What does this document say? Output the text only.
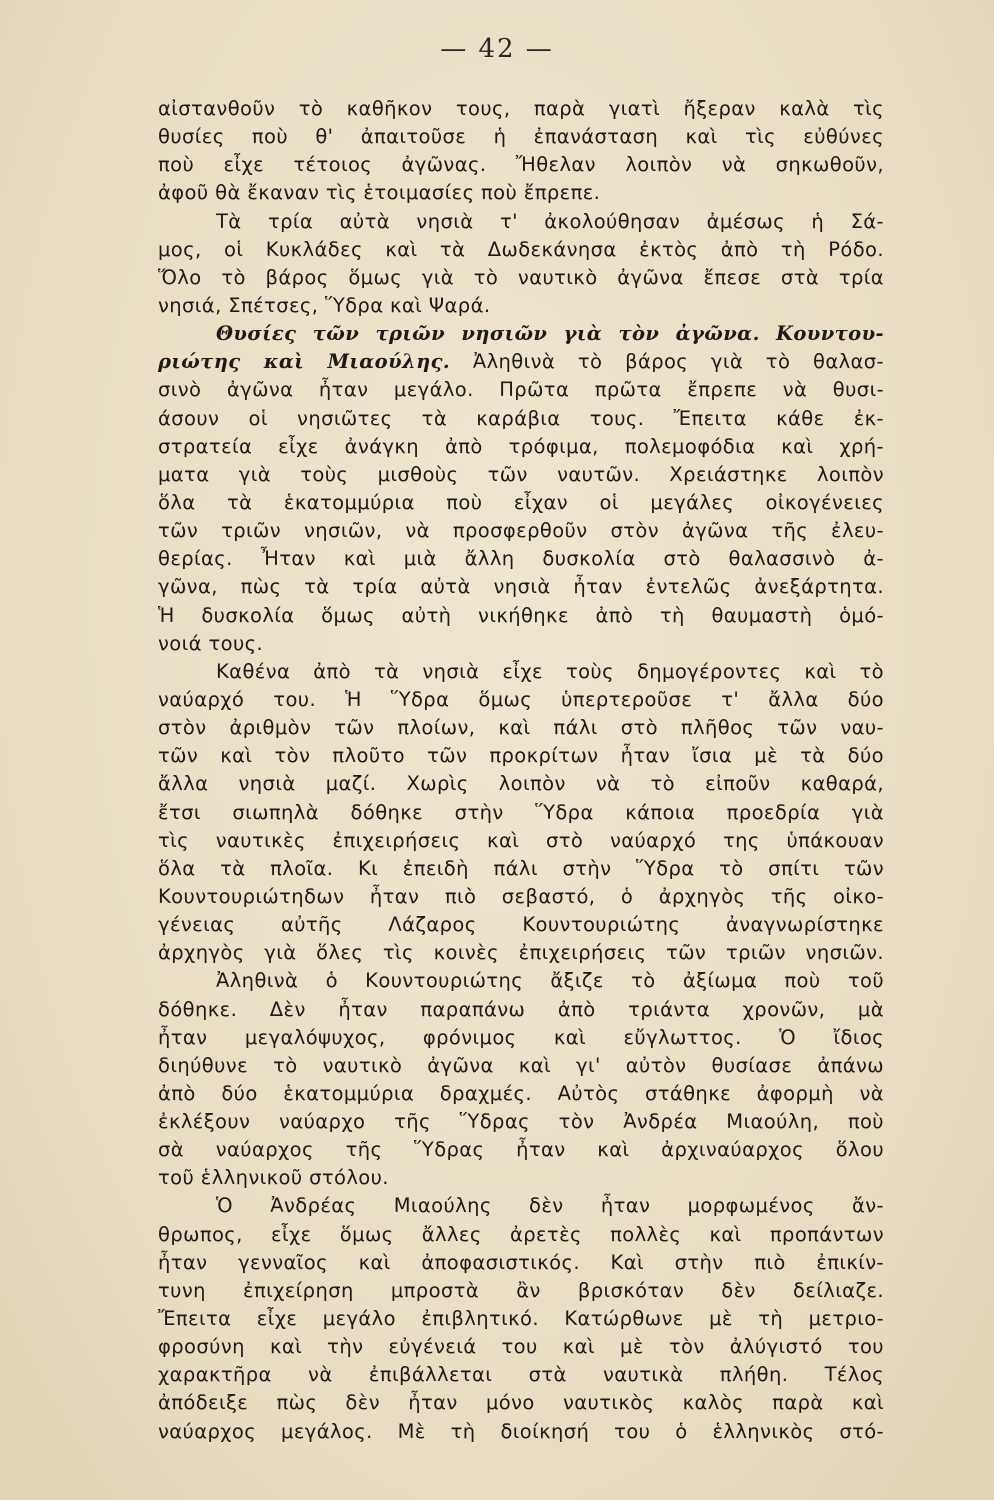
— 42 —
αἰστανθοῦν τὸ καθῆκον τους, παρὰ γιατὶ ἤξεραν καλὰ τὶς
θυσίες ποὺ θ' ἀπαιτοῦσε ἡ ἐπανάσταση καὶ τὶς εὐθύνες
ποὺ εἶχε τέτοιος ἀγῶνας. Ἤθελαν λοιπὸν νὰ σηκωθοῦν,
ἀφοῦ θὰ ἔκαναν τὶς ἑτοιμασίες ποὺ ἔπρεπε.
Τὰ τρία αὐτὰ νησιὰ τ' ἀκολούθησαν ἀμέσως ἡ Σά-
μος, οἱ Κυκλάδες καὶ τὰ Δωδεκάνησα ἐκτὸς ἀπὸ τὴ Ρόδο.
Ὅλο τὸ βάρος ὅμως γιὰ τὸ ναυτικὸ ἀγῶνα ἔπεσε στὰ τρία
νησιά, Σπέτσες, Ὕδρα καὶ Ψαρά.
Θυσίες τῶν τριῶν νησιῶν γιὰ τὸν ἀγῶνα. Κουντου-
ριώτης καὶ Μιαούλης. Ἀληθινὰ τὸ βάρος γιὰ τὸ θαλασ-
σινὸ ἀγῶνα ἦταν μεγάλο. Πρῶτα πρῶτα ἔπρεπε νὰ θυσι-
άσουν οἱ νησιῶτες τὰ καράβια τους. Ἔπειτα κάθε ἐκ-
στρατεία εἶχε ἀνάγκη ἀπὸ τρόφιμα, πολεμοφόδια καὶ χρή-
ματα γιὰ τοὺς μισθοὺς τῶν ναυτῶν. Χρειάστηκε λοιπὸν
ὅλα τὰ ἑκατομμύρια ποὺ εἶχαν οἱ μεγάλες οἰκογένειες
τῶν τριῶν νησιῶν, νὰ προσφερθοῦν στὸν ἀγῶνα τῆς ἐλευ-
θερίας. Ἦταν καὶ μιὰ ἄλλη δυσκολία στὸ θαλασσινὸ ἀ-
γῶνα, πὼς τὰ τρία αὐτὰ νησιὰ ἦταν ἐντελῶς ἀνεξάρτητα.
Ἡ δυσκολία ὅμως αὐτὴ νικήθηκε ἀπὸ τὴ θαυμαστὴ ὁμό-
νοιά τους.
Καθένα ἀπὸ τὰ νησιὰ εἶχε τοὺς δημογέροντες καὶ τὸ
ναύαρχό του. Ἡ Ὕδρα ὅμως ὑπερτεροῦσε τ' ἄλλα δύο
στὸν ἀριθμὸν τῶν πλοίων, καὶ πάλι στὸ πλῆθος τῶν ναυ-
τῶν καὶ τὸν πλοῦτο τῶν προκρίτων ἦταν ἴσια μὲ τὰ δύο
ἄλλα νησιὰ μαζί. Χωρὶς λοιπὸν νὰ τὸ εἰποῦν καθαρά,
ἔτσι σιωπηλὰ δόθηκε στὴν Ὕδρα κάποια προεδρία γιὰ
τὶς ναυτικὲς ἐπιχειρήσεις καὶ στὸ ναύαρχό της ὑπάκουαν
ὅλα τὰ πλοῖα. Κι ἐπειδὴ πάλι στὴν Ὕδρα τὸ σπίτι τῶν
Κουντουριώτηδων ἦταν πιὸ σεβαστό, ὁ ἀρχηγὸς τῆς οἰκο-
γένειας αὐτῆς Λάζαρος Κουντουριώτης ἀναγνωρίστηκε
ἀρχηγὸς γιὰ ὅλες τὶς κοινὲς ἐπιχειρήσεις τῶν τριῶν νησιῶν.
Ἀληθινὰ ὁ Κουντουριώτης ἄξιζε τὸ ἀξίωμα ποὺ τοῦ
δόθηκε. Δὲν ἦταν παραπάνω ἀπὸ τριάντα χρονῶν, μὰ
ἦταν μεγαλόψυχος, φρόνιμος καὶ εὔγλωττος. Ὁ ἴδιος
διηύθυνε τὸ ναυτικὸ ἀγῶνα καὶ γι' αὐτὸν θυσίασε ἀπάνω
ἀπὸ δύο ἑκατομμύρια δραχμές. Αὐτὸς στάθηκε ἀφορμὴ νὰ
ἐκλέξουν ναύαρχο τῆς Ὕδρας τὸν Ἀνδρέα Μιαούλη, ποὺ
σὰ ναύαρχος τῆς Ὕδρας ἦταν καὶ ἀρχιναύαρχος ὅλου
τοῦ ἑλληνικοῦ στόλου.
Ὁ Ἀνδρέας Μιαούλης δὲν ἦταν μορφωμένος ἄν-
θρωπος, εἶχε ὅμως ἄλλες ἀρετὲς πολλὲς καὶ προπάντων
ἦταν γενναῖος καὶ ἀποφασιστικός. Καὶ στὴν πιὸ ἐπικίν-
τυνη ἐπιχείρηση μπροστὰ ἂν βρισκόταν δὲν δείλιαζε.
Ἔπειτα εἶχε μεγάλο ἐπιβλητικό. Κατώρθωνε μὲ τὴ μετριο-
φροσύνη καὶ τὴν εὐγένειά του καὶ μὲ τὸν ἀλύγιστό του
χαρακτῆρα νὰ ἐπιβάλλεται στὰ ναυτικὰ πλήθη. Τέλος
ἀπόδειξε πὼς δὲν ἦταν μόνο ναυτικὸς καλὸς παρὰ καὶ
ναύαρχος μεγάλος. Μὲ τὴ διοίκησή του ὁ ἑλληνικὸς στό-
